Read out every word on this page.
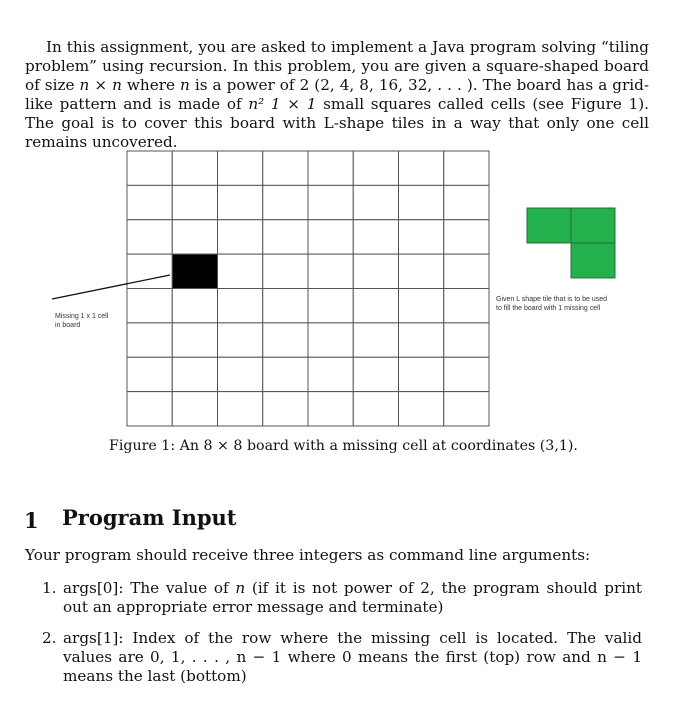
In this assignment, you are asked to implement a Java program solving “tiling problem” using recursion. In this problem, you are given a square-shaped board of size n × n where n is a power of 2 (2, 4, 8, 16, 32, . . . ). The board has a grid-like pattern and is made of n² 1 × 1 small squares called cells (see Figure 1). The goal is to cover this board with L-shape tiles in a way that only one cell remains uncovered.

Missing 1 x 1 cell
in board
Given L shape tile that is to be used
to fill the board with 1 missing cell
Figure 1: An 8 × 8 board with a missing cell at coordinates (3,1).
1 Program Input
Your program should receive three integers as command line arguments:
1. args[0]: The value of n (if it is not power of 2, the program should print out an appropriate error message and terminate)
2. args[1]: Index of the row where the missing cell is located. The valid values are 0, 1, . . . , n − 1 where 0 means the first (top) row and n − 1 means the last (bottom)
